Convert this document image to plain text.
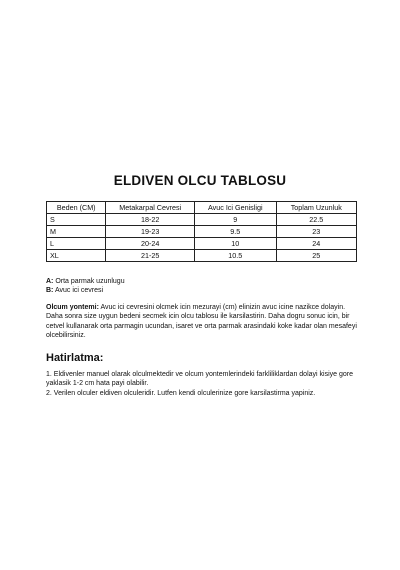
ELDIVEN OLCU TABLOSU
Beden (CM)	Metakarpal Cevresi	Avuc Ici Genisligi	Toplam Uzunluk
S	18-22	9	22.5
M	19-23	9.5	23
L	20-24	10	24
XL	21-25	10.5	25
A: Orta parmak uzunlugu
B: Avuc ici cevresi
Olcum yontemi: Avuc ici cevresini olcmek icin mezurayi (cm) elinizin avuc icine nazikce dolayin. Daha sonra size uygun bedeni secmek icin olcu tablosu ile karsilastirin. Daha dogru sonuc icin, bir cetvel kullanarak orta parmagin ucundan, isaret ve orta parmak arasindaki koke kadar olan mesafeyi olcebilirsiniz.
Hatirlatma:

1. Eldivenler manuel olarak olculmektedir ve olcum yontemlerindeki farkliliklardan dolayi kisiye gore yaklasik 1-2 cm hata payi olabilir.

2. Verilen olculer eldiven olculeridir. Lutfen kendi olculerinize gore karsilastirma yapiniz.
